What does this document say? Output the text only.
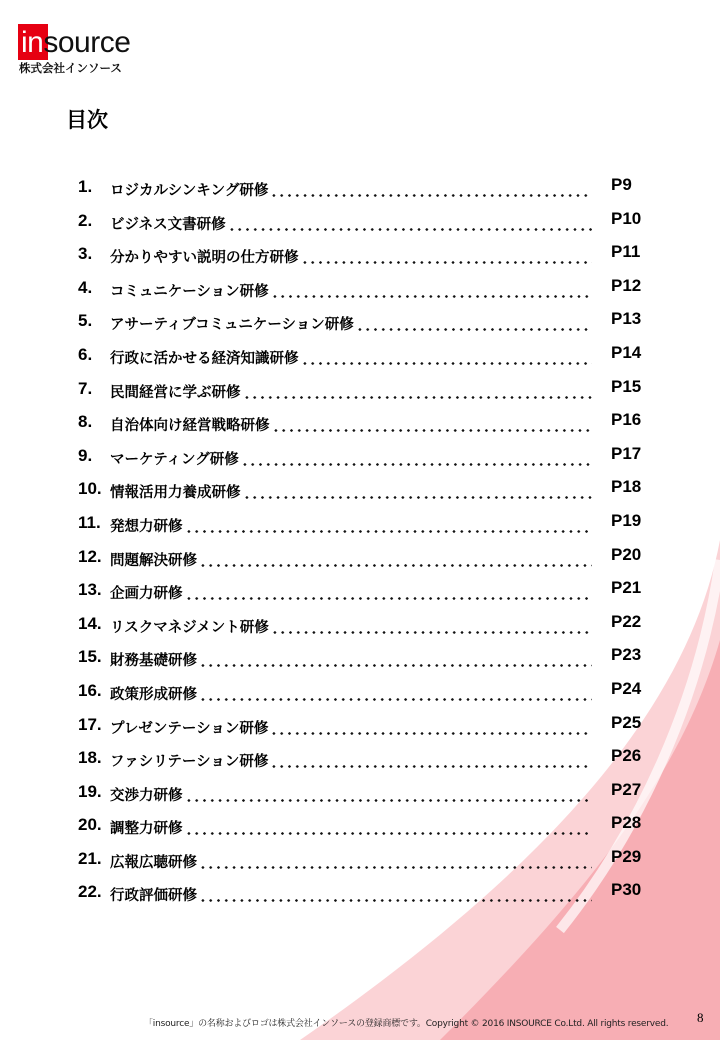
insource
株式会社インソース
目次
1. ロジカルシンキング研修	P9
2. ビジネス文書研修	P10
3. 分かりやすい説明の仕方研修	P11
4. コミュニケーション研修	P12
5. アサーティブコミュニケーション研修	P13
6. 行政に活かせる経済知識研修	P14
7. 民間経営に学ぶ研修	P15
8. 自治体向け経営戦略研修	P16
9. マーケティング研修	P17
10. 情報活用力養成研修	P18
11. 発想力研修	P19
12. 問題解決研修	P20
13. 企画力研修	P21
14. リスクマネジメント研修	P22
15. 財務基礎研修	P23
16. 政策形成研修	P24
17. プレゼンテーション研修	P25
18. ファシリテーション研修	P26
19. 交渉力研修	P27
20. 調整力研修	P28
21. 広報広聴研修	P29
22. 行政評価研修	P30
「insource」の名称およびロゴは株式会社インソースの登録商標です。Copyright © 2016 INSOURCE Co.Ltd. All rights reserved. 8
